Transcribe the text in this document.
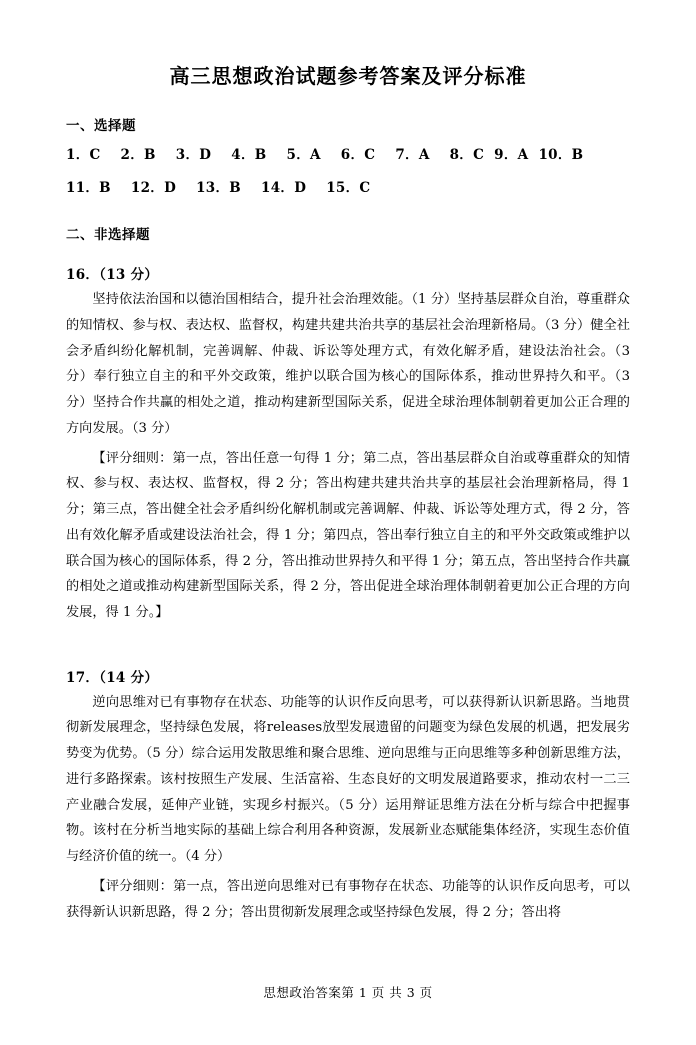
高三思想政治试题参考答案及评分标准
一、选择题
1．C 2．B 3．D 4．B 5．A 6．C 7．A 8．C 9．A 10．B
11．B 12．D 13．B 14．D 15．C
二、非选择题
16．（13 分）
坚持依法治国和以德治国相结合，提升社会治理效能。（1 分）坚持基层群众自治，尊重群众的知情权、参与权、表达权、监督权，构建共建共治共享的基层社会治理新格局。（3 分）健全社会矛盾纠纷化解机制，完善调解、仲裁、诉讼等处理方式，有效化解矛盾，建设法治社会。（3 分）奉行独立自主的和平外交政策，维护以联合国为核心的国际体系，推动世界持久和平。（3 分）坚持合作共赢的相处之道，推动构建新型国际关系，促进全球治理体制朝着更加公正合理的方向发展。（3 分）
【评分细则：第一点，答出任意一句得 1 分；第二点，答出基层群众自治或尊重群众的知情权、参与权、表达权、监督权，得 2 分；答出构建共建共治共享的基层社会治理新格局，得 1 分；第三点，答出健全社会矛盾纠纷化解机制或完善调解、仲裁、诉讼等处理方式，得 2 分，答出有效化解矛盾或建设法治社会，得 1 分；第四点，答出奉行独立自主的和平外交政策或维护以联合国为核心的国际体系，得 2 分，答出推动世界持久和平得 1 分；第五点，答出坚持合作共赢的相处之道或推动构建新型国际关系，得 2 分，答出促进全球治理体制朝着更加公正合理的方向发展，得 1 分。】
17．（14 分）
逆向思维对已有事物存在状态、功能等的认识作反向思考，可以获得新认识新思路。当地贯彻新发展理念，坚持绿色发展，将releases放型发展遗留的问题变为绿色发展的机遇，把发展劣势变为优势。（5 分）综合运用发散思维和聚合思维、逆向思维与正向思维等多种创新思维方法，进行多路探索。该村按照生产发展、生活富裕、生态良好的文明发展道路要求，推动农村一二三产业融合发展，延伸产业链，实现乡村振兴。（5 分）运用辩证思维方法在分析与综合中把握事物。该村在分析当地实际的基础上综合利用各种资源，发展新业态赋能集体经济，实现生态价值与经济价值的统一。（4 分）
【评分细则：第一点，答出逆向思维对已有事物存在状态、功能等的认识作反向思考，可以获得新认识新思路，得 2 分；答出贯彻新发展理念或坚持绿色发展，得 2 分；答出将
思想政治答案第 1 页 共 3 页
